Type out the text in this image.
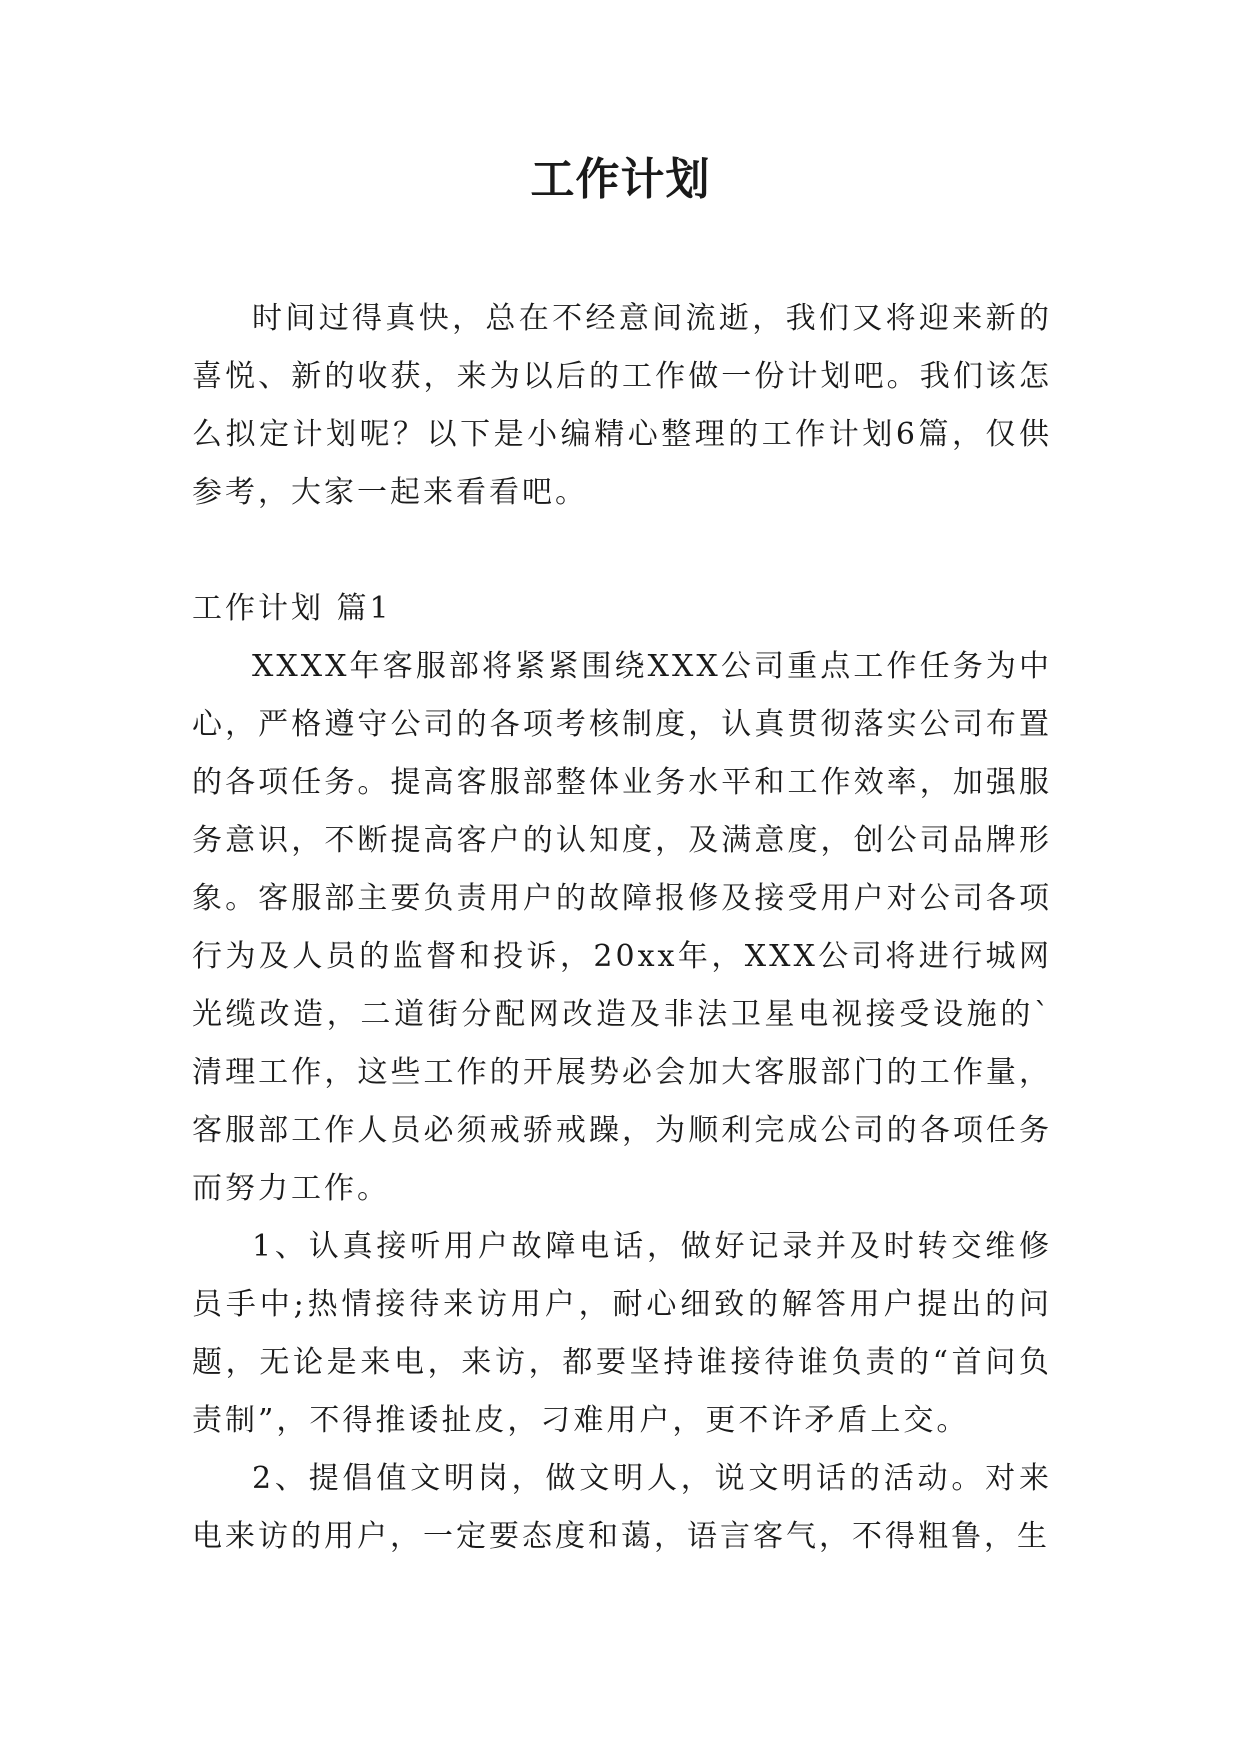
工作计划

时间过得真快，总在不经意间流逝，我们又将迎来新的喜悦、新的收获，来为以后的工作做一份计划吧。我们该怎么拟定计划呢？以下是小编精心整理的工作计划6篇，仅供参考，大家一起来看看吧。

工作计划 篇1

XXXX年客服部将紧紧围绕XXX公司重点工作任务为中心，严格遵守公司的各项考核制度，认真贯彻落实公司布置的各项任务。提高客服部整体业务水平和工作效率，加强服务意识，不断提高客户的认知度，及满意度，创公司品牌形象。客服部主要负责用户的故障报修及接受用户对公司各项行为及人员的监督和投诉，20xx年，XXX公司将进行城网光缆改造，二道街分配网改造及非法卫星电视接受设施的`清理工作，这些工作的开展势必会加大客服部门的工作量，客服部工作人员必须戒骄戒躁，为顺利完成公司的各项任务而努力工作。

1、认真接听用户故障电话，做好记录并及时转交维修员手中;热情接待来访用户，耐心细致的解答用户提出的问题，无论是来电，来访，都要坚持谁接待谁负责的“首问负责制”，不得推诿扯皮，刁难用户，更不许矛盾上交。

2、提倡值文明岗，做文明人，说文明话的活动。对来电来访的用户，一定要态度和蔼，语言客气，不得粗鲁，生
